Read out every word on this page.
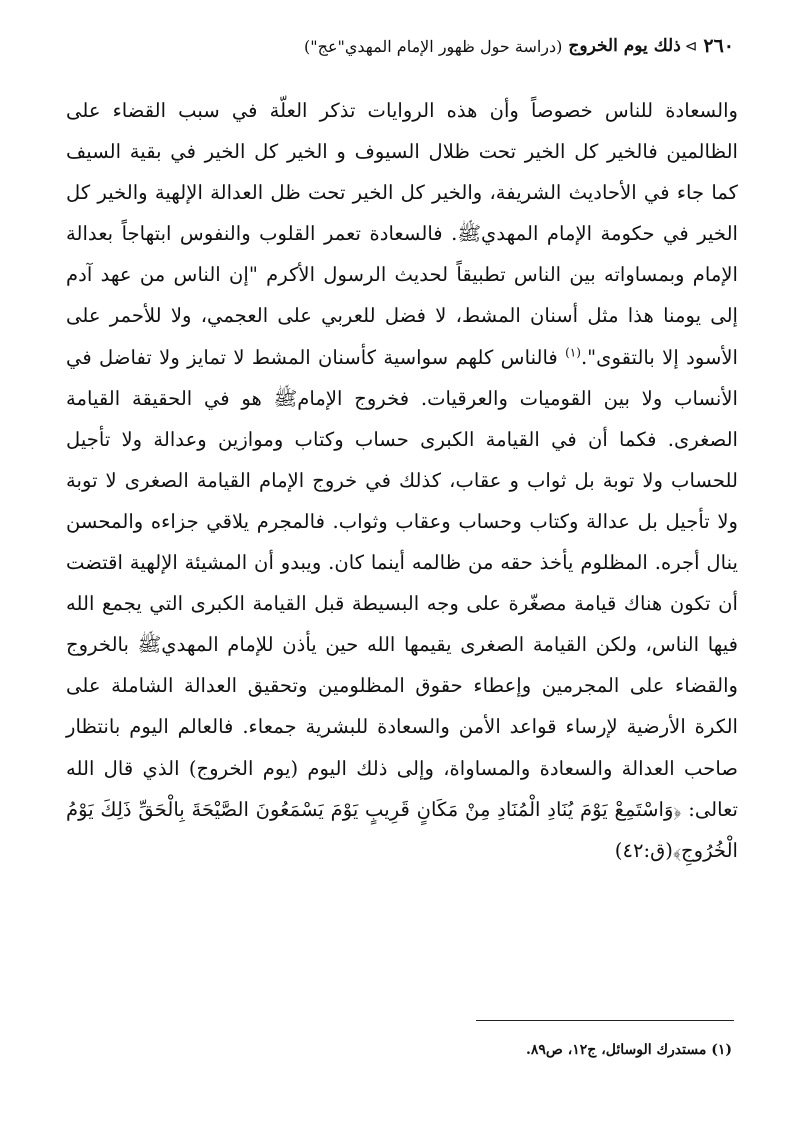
٢٦٠
⊳
ذلك يوم الخروج
(دراسة حول ظهور الإمام المهدي"عج")

والسعادة للناس خصوصاً وأن هذه الروايات تذكر العلّة في سبب القضاء على الظالمين فالخير كل الخير تحت ظلال السيوف و الخير كل الخير في بقية السيف كما جاء في الأحاديث الشريفة، والخير كل الخير تحت ظل العدالة الإلهية والخير كل الخير في حكومة الإمام المهديﷺ. فالسعادة تعمر القلوب والنفوس ابتهاجاً بعدالة الإمام وبمساواته بين الناس تطبيقاً لحديث الرسول الأكرم "إن الناس من عهد آدم إلى يومنا هذا مثل أسنان المشط، لا فضل للعربي على العجمي، ولا للأحمر على الأسود إلا بالتقوى".$^{(١)}$ فالناس كلهم سواسية كأسنان المشط لا تمايز ولا تفاضل في الأنساب ولا بين القوميات والعرقيات. فخروج الإمامﷺ هو في الحقيقة القيامة الصغرى. فكما أن في القيامة الكبرى حساب وكتاب وموازين وعدالة ولا تأجيل للحساب ولا توبة بل ثواب و عقاب، كذلك في خروج الإمام القيامة الصغرى لا توبة ولا تأجيل بل عدالة وكتاب وحساب وعقاب وثواب. فالمجرم يلاقي جزاءه والمحسن ينال أجره. المظلوم يأخذ حقه من ظالمه أينما كان. ويبدو أن المشيئة الإلهية اقتضت أن تكون هناك قيامة مصغّرة على وجه البسيطة قبل القيامة الكبرى التي يجمع الله فيها الناس، ولكن القيامة الصغرى يقيمها الله حين يأذن للإمام المهديﷺ بالخروج والقضاء على المجرمين وإعطاء حقوق المظلومين وتحقيق العدالة الشاملة على الكرة الأرضية لإرساء قواعد الأمن والسعادة للبشرية جمعاء. فالعالم اليوم بانتظار صاحب العدالة والسعادة والمساواة، وإلى ذلك اليوم (يوم الخروج) الذي قال الله تعالى: ﴿وَاسْتَمِعْ يَوْمَ يُنَادِ الْمُنَادِ مِنْ مَكَانٍ قَرِيبٍ يَوْمَ يَسْمَعُونَ الصَّيْحَةَ بِالْحَقِّ ذَلِكَ يَوْمُ الْخُرُوجِ﴾(ق:٤٢)

(١) مستدرك الوسائل، ج١٢، ص٨٩.
